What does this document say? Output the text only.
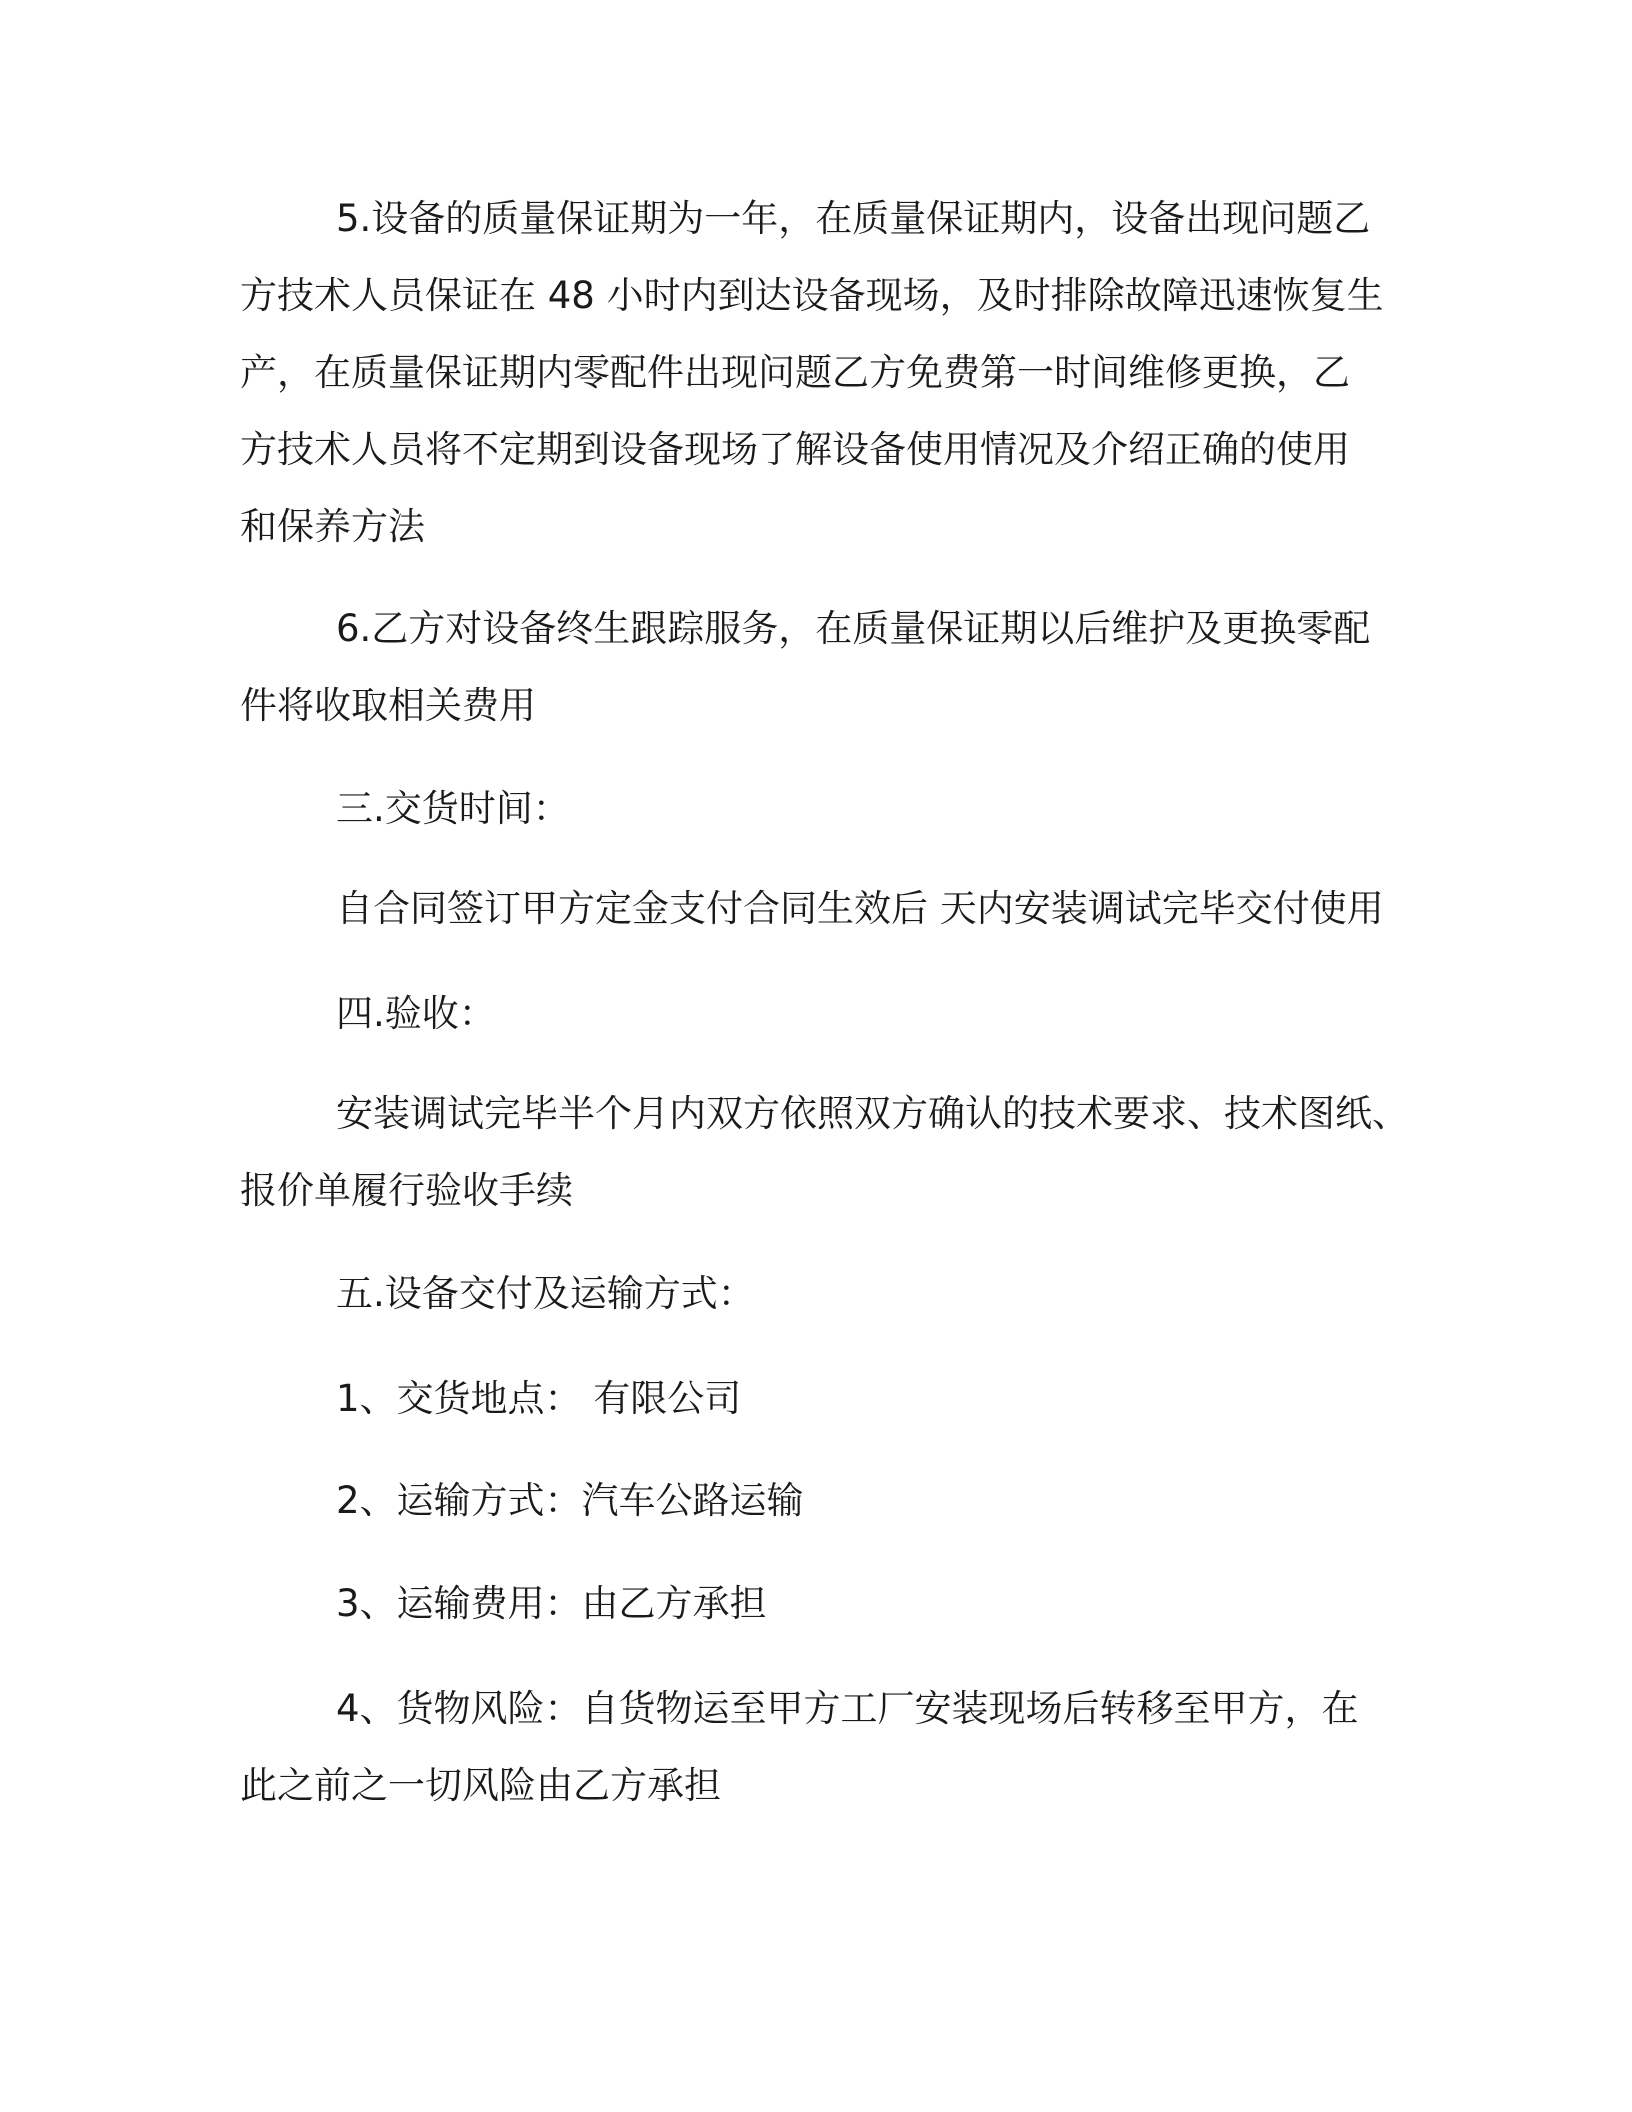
5.设备的质量保证期为一年，在质量保证期内，设备出现问题乙
方技术人员保证在 48 小时内到达设备现场，及时排除故障迅速恢复生
产，在质量保证期内零配件出现问题乙方免费第一时间维修更换，乙
方技术人员将不定期到设备现场了解设备使用情况及介绍正确的使用
和保养方法
6.乙方对设备终生跟踪服务，在质量保证期以后维护及更换零配
件将收取相关费用

三.交货时间：

自合同签订甲方定金支付合同生效后 天内安装调试完毕交付使用

四.验收：

安装调试完毕半个月内双方依照双方确认的技术要求、技术图纸、
报价单履行验收手续

五.设备交付及运输方式：

1、交货地点： 有限公司

2、运输方式：汽车公路运输

3、运输费用：由乙方承担

4、货物风险：自货物运至甲方工厂安装现场后转移至甲方，在
此之前之一切风险由乙方承担
